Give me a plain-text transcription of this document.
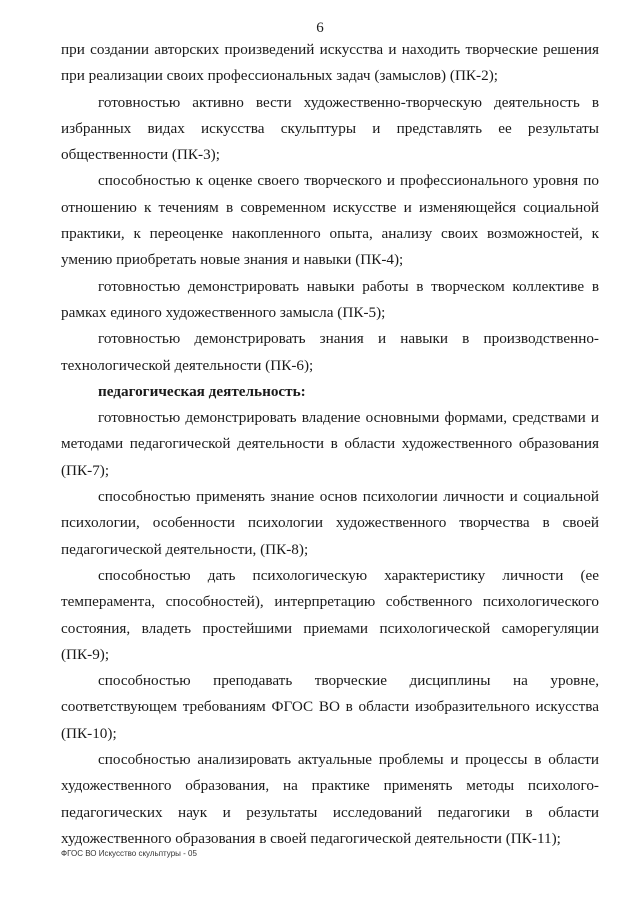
6

при создании авторских произведений искусства и находить творческие решения при реализации своих профессиональных задач (замыслов) (ПК-2);

готовностью активно вести художественно-творческую деятельность в избранных видах искусства скульптуры и представлять ее результаты общественности (ПК-3);

способностью к оценке своего творческого и профессионального уровня по отношению к течениям в современном искусстве и изменяющейся социальной практики, к переоценке накопленного опыта, анализу своих возможностей, к умению приобретать новые знания и навыки (ПК-4);

готовностью демонстрировать навыки работы в творческом коллективе в рамках единого художественного замысла (ПК-5);

готовностью демонстрировать знания и навыки в производственно-технологической деятельности (ПК-6);

педагогическая деятельность:

готовностью демонстрировать владение основными формами, средствами и методами педагогической деятельности в области художественного образования (ПК-7);

способностью применять знание основ психологии личности и социальной психологии, особенности психологии художественного творчества в своей педагогической деятельности, (ПК-8);

способностью дать психологическую характеристику личности (ее темперамента, способностей), интерпретацию собственного психологического состояния, владеть простейшими приемами психологической саморегуляции (ПК-9);

способностью преподавать творческие дисциплины на уровне, соответствующем требованиям ФГОС ВО в области изобразительного искусства (ПК-10);

способностью анализировать актуальные проблемы и процессы в области художественного образования, на практике применять методы психолого-педагогических наук и результаты исследований педагогики в области художественного образования в своей педагогической деятельности (ПК-11);

ФГОС ВО Искусство скульптуры - 05
